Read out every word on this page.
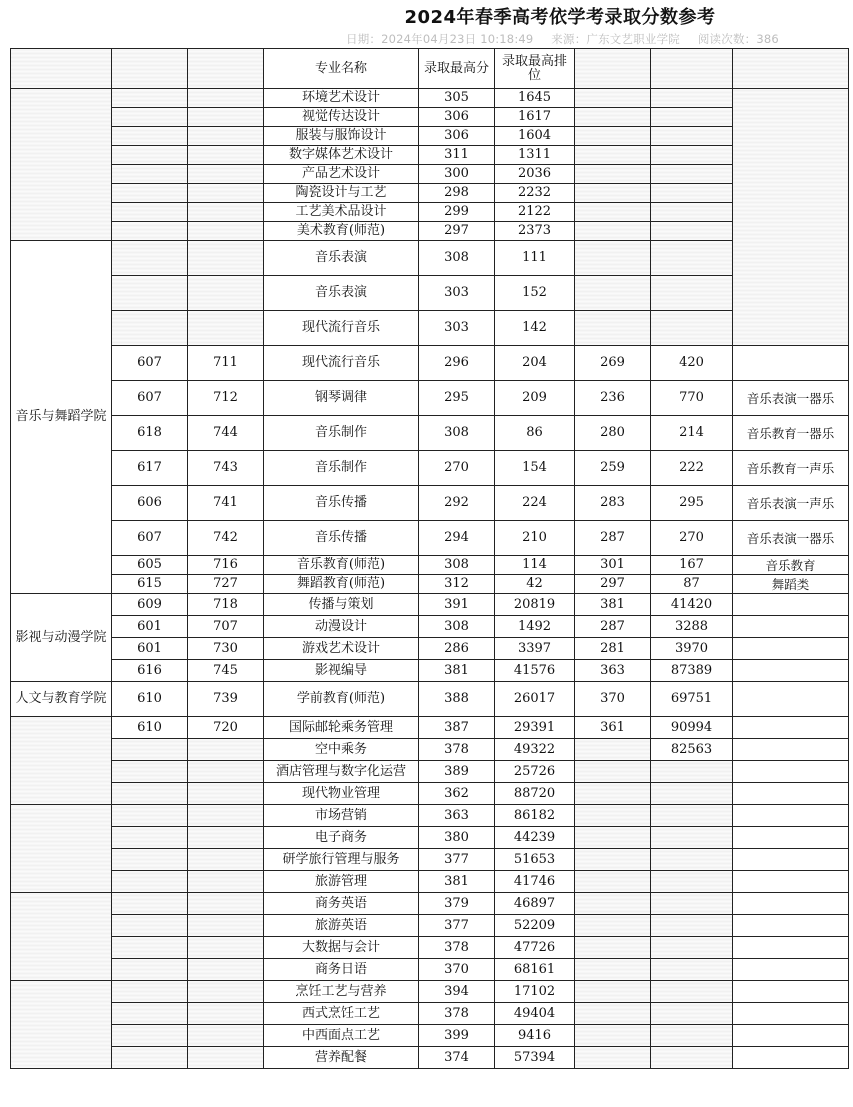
2024年春季高考依学考录取分数参考
日期：2024年04月23日 10:18:49 来源：广东文艺职业学院 阅读次数：386
			专业名称	录取最高分	录取最高排位			
			环境艺术设计	305	1645			
			视觉传达设计	306	1617			
			服装与服饰设计	306	1604			
			数字媒体艺术设计	311	1311			
			产品艺术设计	300	2036			
			陶瓷设计与工艺	298	2232			
			工艺美术品设计	299	2122			
			美术教育(师范)	297	2373			
音乐与舞蹈学院			音乐表演	308	111			
			音乐表演	303	152			
			现代流行音乐	303	142			
	607	711	现代流行音乐	296	204	269	420	
	607	712	钢琴调律	295	209	236	770	音乐表演一器乐
	618	744	音乐制作	308	86	280	214	音乐教育一器乐
	617	743	音乐制作	270	154	259	222	音乐教育一声乐
	606	741	音乐传播	292	224	283	295	音乐表演一声乐
	607	742	音乐传播	294	210	287	270	音乐表演一器乐
	605	716	音乐教育(师范)	308	114	301	167	音乐教育
	615	727	舞蹈教育(师范)	312	42	297	87	舞蹈类
影视与动漫学院	609	718	传播与策划	391	20819	381	41420	
	601	707	动漫设计	308	1492	287	3288	
	601	730	游戏艺术设计	286	3397	281	3970	
	616	745	影视编导	381	41576	363	87389	
人文与教育学院	610	739	学前教育(师范)	388	26017	370	69751	
	610	720	国际邮轮乘务管理	387	29391	361	90994	
			空中乘务	378	49322		82563	
			酒店管理与数字化运营	389	25726			
			现代物业管理	362	88720			
			市场营销	363	86182			
			电子商务	380	44239			
			研学旅行管理与服务	377	51653			
			旅游管理	381	41746			
			商务英语	379	46897			
			旅游英语	377	52209			
			大数据与会计	378	47726			
			商务日语	370	68161			
			烹饪工艺与营养	394	17102			
			西式烹饪工艺	378	49404			
			中西面点工艺	399	9416			
			营养配餐	374	57394			
